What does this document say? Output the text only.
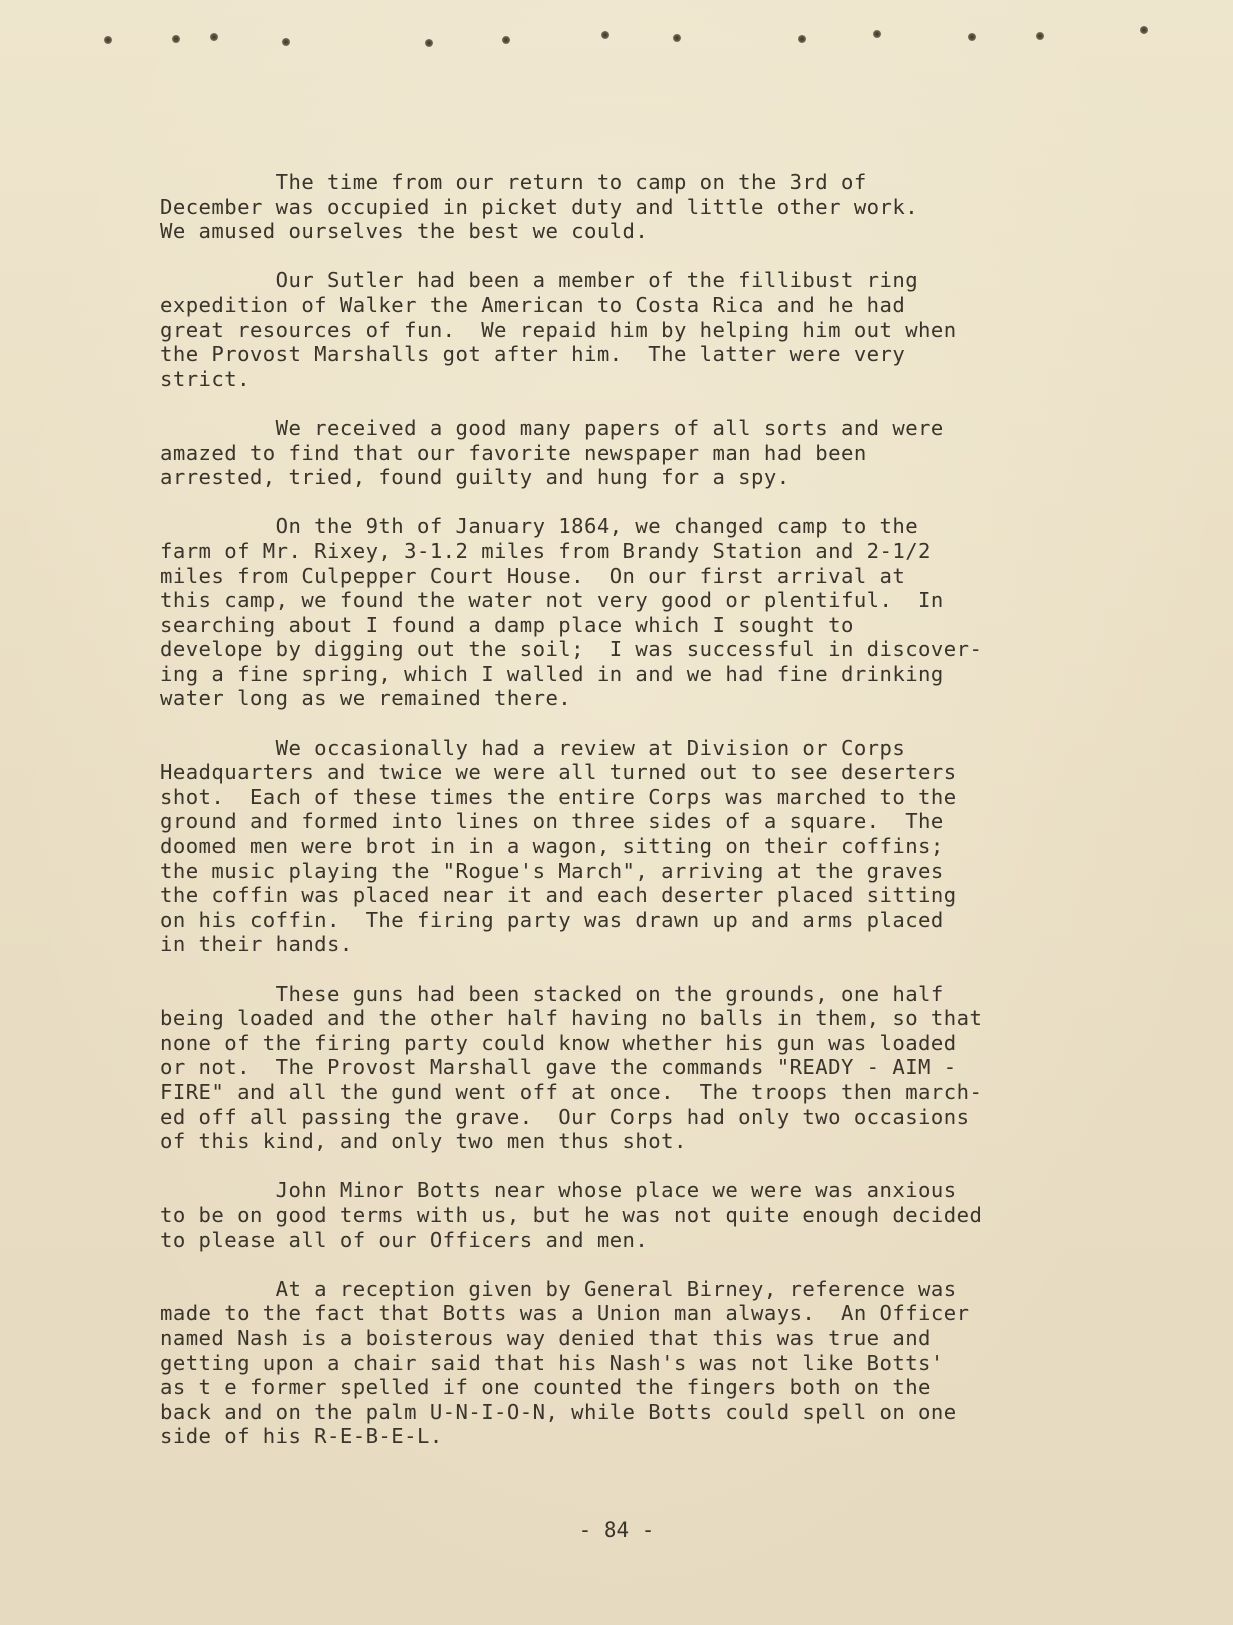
The time from our return to camp on the 3rd of
December was occupied in picket duty and little other work.
We amused ourselves the best we could.
Our Sutler had been a member of the fillibust ring
expedition of Walker the American to Costa Rica and he had
great resources of fun.  We repaid him by helping him out when
the Provost Marshalls got after him.  The latter were very
strict.
We received a good many papers of all sorts and were
amazed to find that our favorite newspaper man had been
arrested, tried, found guilty and hung for a spy.
On the 9th of January 1864, we changed camp to the
farm of Mr. Rixey, 3-1.2 miles from Brandy Station and 2-1/2
miles from Culpepper Court House.  On our first arrival at
this camp, we found the water not very good or plentiful.  In
searching about I found a damp place which I sought to
develope by digging out the soil;  I was successful in discover-
ing a fine spring, which I walled in and we had fine drinking
water long as we remained there.
We occasionally had a review at Division or Corps
Headquarters and twice we were all turned out to see deserters
shot.  Each of these times the entire Corps was marched to the
ground and formed into lines on three sides of a square.  The
doomed men were brot in in a wagon, sitting on their coffins;
the music playing the "Rogue's March", arriving at the graves
the coffin was placed near it and each deserter placed sitting
on his coffin.  The firing party was drawn up and arms placed
in their hands.
These guns had been stacked on the grounds, one half
being loaded and the other half having no balls in them, so that
none of the firing party could know whether his gun was loaded
or not.  The Provost Marshall gave the commands "READY - AIM -
FIRE" and all the gund went off at once.  The troops then march-
ed off all passing the grave.  Our Corps had only two occasions
of this kind, and only two men thus shot.
John Minor Botts near whose place we were was anxious
to be on good terms with us, but he was not quite enough decided
to please all of our Officers and men.
At a reception given by General Birney, reference was
made to the fact that Botts was a Union man always.  An Officer
named Nash is a boisterous way denied that this was true and
getting upon a chair said that his Nash's was not like Botts'
as t e former spelled if one counted the fingers both on the
back and on the palm U-N-I-O-N, while Botts could spell on one
side of his R-E-B-E-L.
- 84 -
